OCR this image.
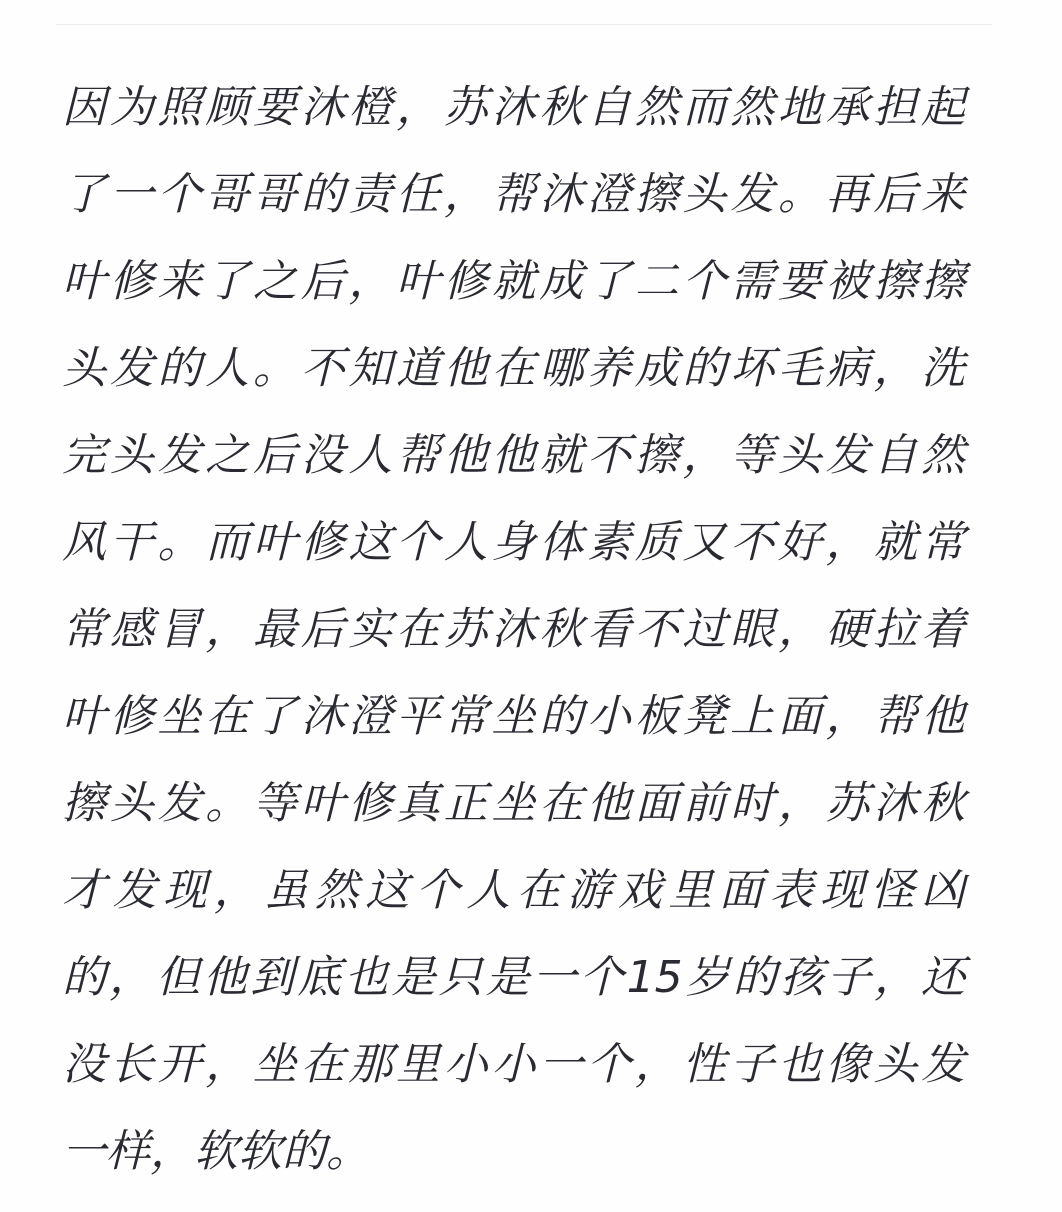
因为照顾要沐橙，苏沐秋自然而然地承担起
了一个哥哥的责任，帮沐澄擦头发。再后来
叶修来了之后，叶修就成了二个需要被擦擦
头发的人。不知道他在哪养成的坏毛病，洗
完头发之后没人帮他他就不擦，等头发自然
风干。而叶修这个人身体素质又不好，就常
常感冒，最后实在苏沐秋看不过眼，硬拉着
叶修坐在了沐澄平常坐的小板凳上面，帮他
擦头发。等叶修真正坐在他面前时，苏沐秋
才发现，虽然这个人在游戏里面表现怪凶
的，但他到底也是只是一个15岁的孩子，还
没长开，坐在那里小小一个，性子也像头发
一样，软软的。
